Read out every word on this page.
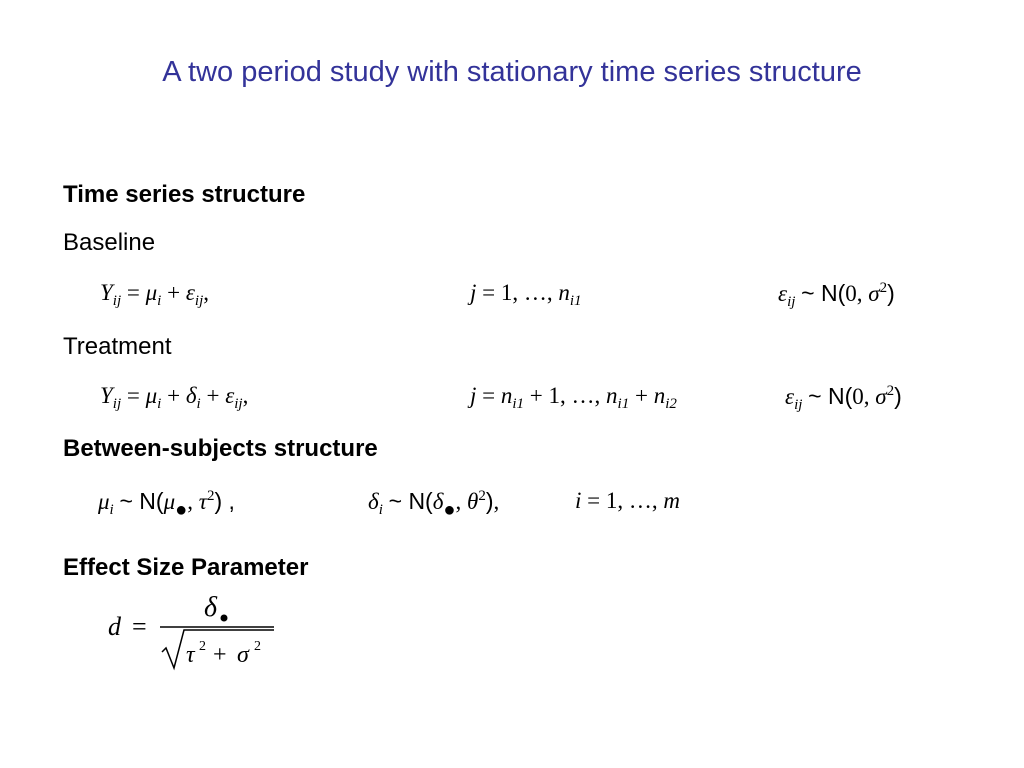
A two period study with stationary time series structure
Time series structure
Baseline
$Y_{ij} = \mu_i + \varepsilon_{ij}$,	j = 1, …, $n_{i1}$	$\varepsilon_{ij}$ ~ N(0, $\sigma^2$)
Treatment
$Y_{ij} = \mu_i + \delta_i + \varepsilon_{ij}$,	$j = n_{i1} + 1$, …, $n_{i1} + n_{i2}$	$\varepsilon_{ij}$ ~ N(0, $\sigma^2$)
Between-subjects structure
$\mu_i$ ~ N(μ●, $\tau^2$) ,	$\delta_i$ ~ N(δ●, $\theta^2$),	i = 1, …, m
Effect Size Parameter
d =
δ
τ 2 + σ 2
